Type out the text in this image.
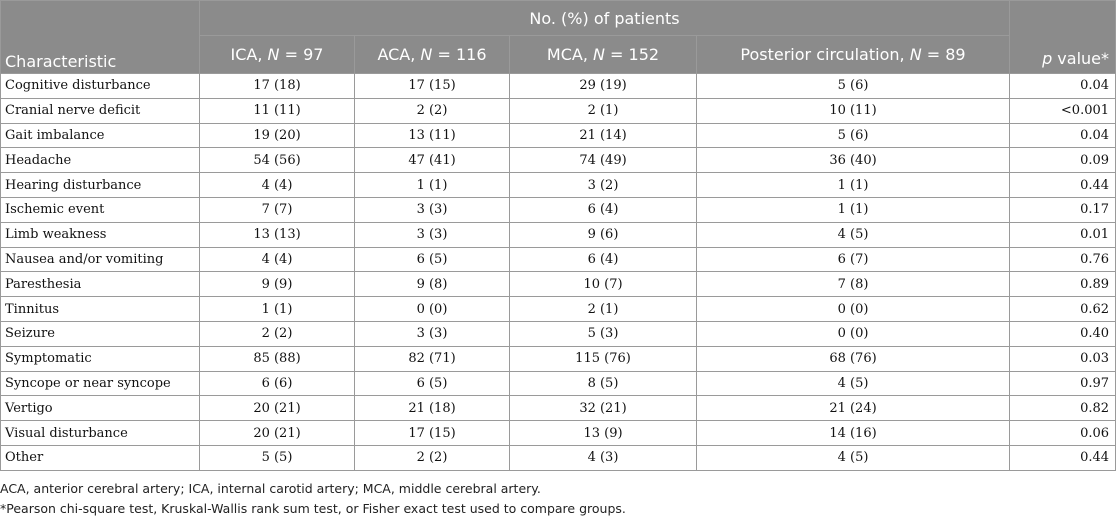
Characteristic	No. (%) of patients				p value*
	ICA, N = 97	ACA, N = 116	MCA, N = 152	Posterior circulation, N = 89	
Cognitive disturbance	17 (18)	17 (15)	29 (19)	5 (6)	0.04
Cranial nerve deficit	11 (11)	2 (2)	2 (1)	10 (11)	<0.001
Gait imbalance	19 (20)	13 (11)	21 (14)	5 (6)	0.04
Headache	54 (56)	47 (41)	74 (49)	36 (40)	0.09
Hearing disturbance	4 (4)	1 (1)	3 (2)	1 (1)	0.44
Ischemic event	7 (7)	3 (3)	6 (4)	1 (1)	0.17
Limb weakness	13 (13)	3 (3)	9 (6)	4 (5)	0.01
Nausea and/or vomiting	4 (4)	6 (5)	6 (4)	6 (7)	0.76
Paresthesia	9 (9)	9 (8)	10 (7)	7 (8)	0.89
Tinnitus	1 (1)	0 (0)	2 (1)	0 (0)	0.62
Seizure	2 (2)	3 (3)	5 (3)	0 (0)	0.40
Symptomatic	85 (88)	82 (71)	115 (76)	68 (76)	0.03
Syncope or near syncope	6 (6)	6 (5)	8 (5)	4 (5)	0.97
Vertigo	20 (21)	21 (18)	32 (21)	21 (24)	0.82
Visual disturbance	20 (21)	17 (15)	13 (9)	14 (16)	0.06
Other	5 (5)	2 (2)	4 (3)	4 (5)	0.44
ACA, anterior cerebral artery; ICA, internal carotid artery; MCA, middle cerebral artery.
*Pearson chi-square test, Kruskal-Wallis rank sum test, or Fisher exact test used to compare groups.
